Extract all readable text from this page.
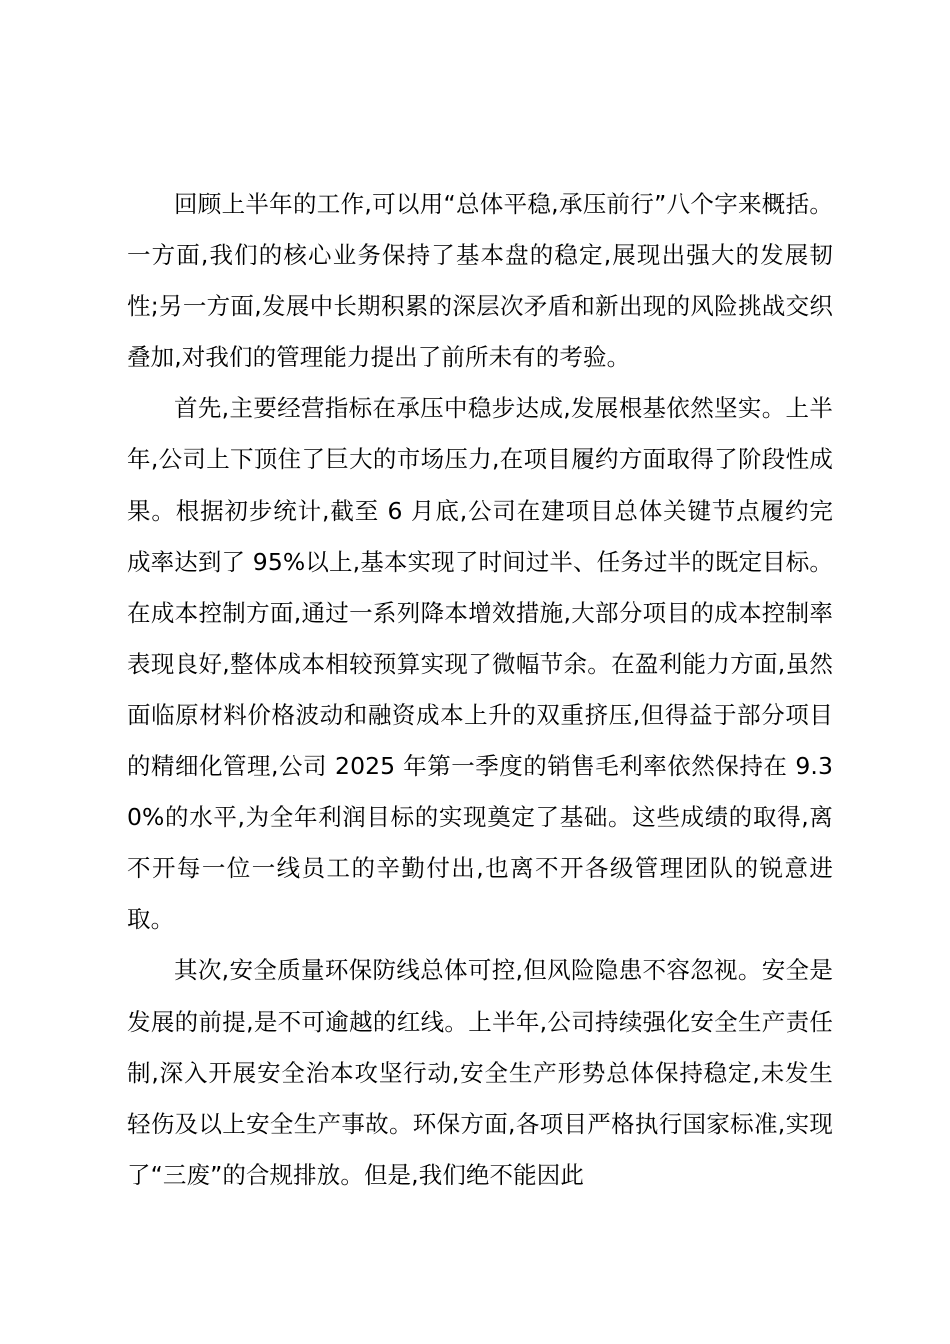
回顾上半年的工作,可以用“总体平稳,承压前行”八个字来概括。一方面,我们的核心业务保持了基本盘的稳定,展现出强大的发展韧性;另一方面,发展中长期积累的深层次矛盾和新出现的风险挑战交织叠加,对我们的管理能力提出了前所未有的考验。

首先,主要经营指标在承压中稳步达成,发展根基依然坚实。上半年,公司上下顶住了巨大的市场压力,在项目履约方面取得了阶段性成果。根据初步统计,截至 6 月底,公司在建项目总体关键节点履约完成率达到了 95%以上,基本实现了时间过半、任务过半的既定目标。在成本控制方面,通过一系列降本增效措施,大部分项目的成本控制率表现良好,整体成本相较预算实现了微幅节余。在盈利能力方面,虽然面临原材料价格波动和融资成本上升的双重挤压,但得益于部分项目的精细化管理,公司 2025 年第一季度的销售毛利率依然保持在 9.30%的水平,为全年利润目标的实现奠定了基础。这些成绩的取得,离不开每一位一线员工的辛勤付出,也离不开各级管理团队的锐意进取。

其次,安全质量环保防线总体可控,但风险隐患不容忽视。安全是发展的前提,是不可逾越的红线。上半年,公司持续强化安全生产责任制,深入开展安全治本攻坚行动,安全生产形势总体保持稳定,未发生轻伤及以上安全生产事故。环保方面,各项目严格执行国家标准,实现了“三废”的合规排放。但是,我们绝不能因此
